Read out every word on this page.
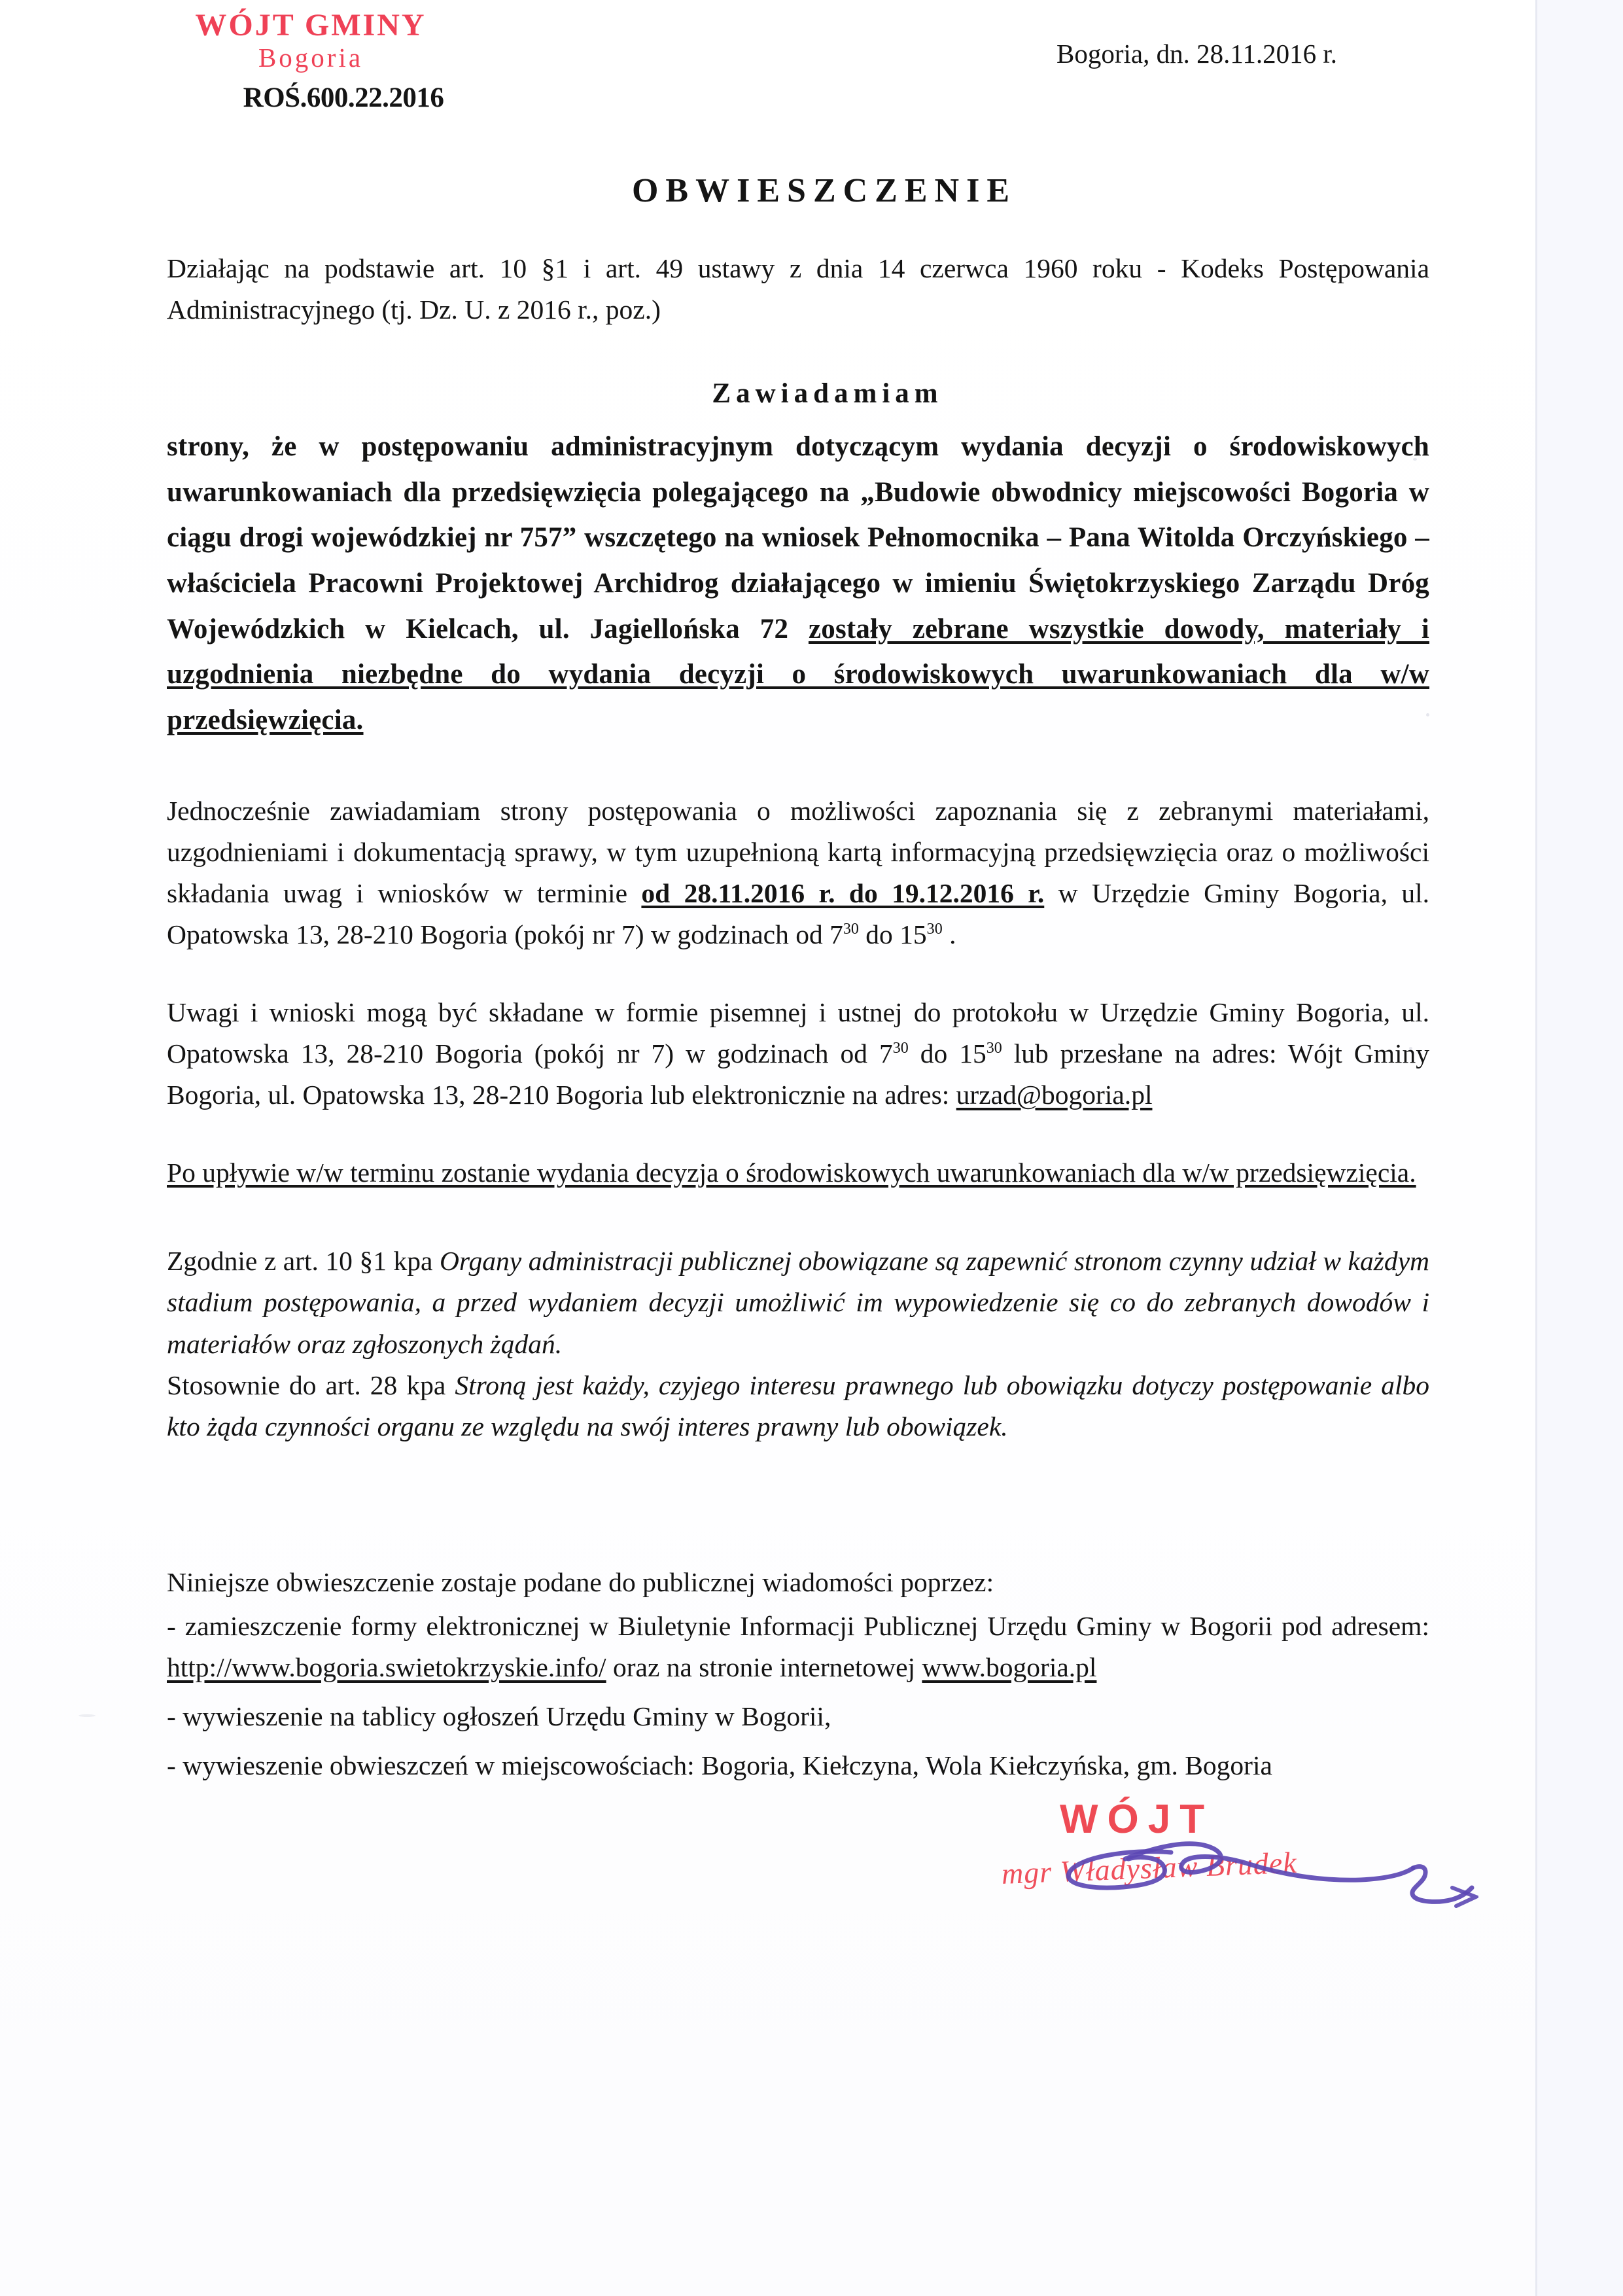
WÓJT GMINY
Bogoria
ROŚ.600.22.2016
Bogoria, dn. 28.11.2016 r.
OBWIESZCZENIE

Działając na podstawie art. 10 §1 i art. 49 ustawy z dnia 14 czerwca 1960 roku - Kodeks Postępowania Administracyjnego (tj. Dz. U. z 2016 r., poz.)

Zawiadamiam

strony, że w postępowaniu administracyjnym dotyczącym wydania decyzji o środowiskowych uwarunkowaniach dla przedsięwzięcia polegającego na „Budowie obwodnicy miejscowości Bogoria w ciągu drogi wojewódzkiej nr 757” wszczętego na wniosek Pełnomocnika – Pana Witolda Orczyńskiego – właściciela Pracowni Projektowej Archidrog działającego w imieniu Świętokrzyskiego Zarządu Dróg Wojewódzkich w Kielcach, ul. Jagiellońska 72 zostały zebrane wszystkie dowody, materiały i uzgodnienia niezbędne do wydania decyzji o środowiskowych uwarunkowaniach dla w/w przedsięwzięcia.

Jednocześnie zawiadamiam strony postępowania o możliwości zapoznania się z zebranymi materiałami, uzgodnieniami i dokumentacją sprawy, w tym uzupełnioną kartą informacyjną przedsięwzięcia oraz o możliwości składania uwag i wniosków w terminie od 28.11.2016 r. do 19.12.2016 r. w Urzędzie Gminy Bogoria, ul. Opatowska 13, 28-210 Bogoria (pokój nr 7) w godzinach od $7^{30}$ do $15^{30}$ .

Uwagi i wnioski mogą być składane w formie pisemnej i ustnej do protokołu w Urzędzie Gminy Bogoria, ul. Opatowska 13, 28-210 Bogoria (pokój nr 7) w godzinach od $7^{30}$ do $15^{30}$ lub przesłane na adres: Wójt Gminy Bogoria, ul. Opatowska 13, 28-210 Bogoria lub elektronicznie na adres: urzad@bogoria.pl

Po upływie w/w terminu zostanie wydania decyzja o środowiskowych uwarunkowaniach dla w/w przedsięwzięcia.

Zgodnie z art. 10 §1 kpa Organy administracji publicznej obowiązane są zapewnić stronom czynny udział w każdym stadium postępowania, a przed wydaniem decyzji umożliwić im wypowiedzenie się co do zebranych dowodów i materiałów oraz zgłoszonych żądań.

Stosownie do art. 28 kpa Stroną jest każdy, czyjego interesu prawnego lub obowiązku dotyczy postępowanie albo kto żąda czynności organu ze względu na swój interes prawny lub obowiązek.

Niniejsze obwieszczenie zostaje podane do publicznej wiadomości poprzez:

- zamieszczenie formy elektronicznej w Biuletynie Informacji Publicznej Urzędu Gminy w Bogorii pod adresem: http://www.bogoria.swietokrzyskie.info/ oraz na stronie internetowej www.bogoria.pl

- wywieszenie na tablicy ogłoszeń Urzędu Gminy w Bogorii,

- wywieszenie obwieszczeń w miejscowościach: Bogoria, Kiełczyna, Wola Kiełczyńska, gm. Bogoria

WÓJT
mgr Władysław Brudek
